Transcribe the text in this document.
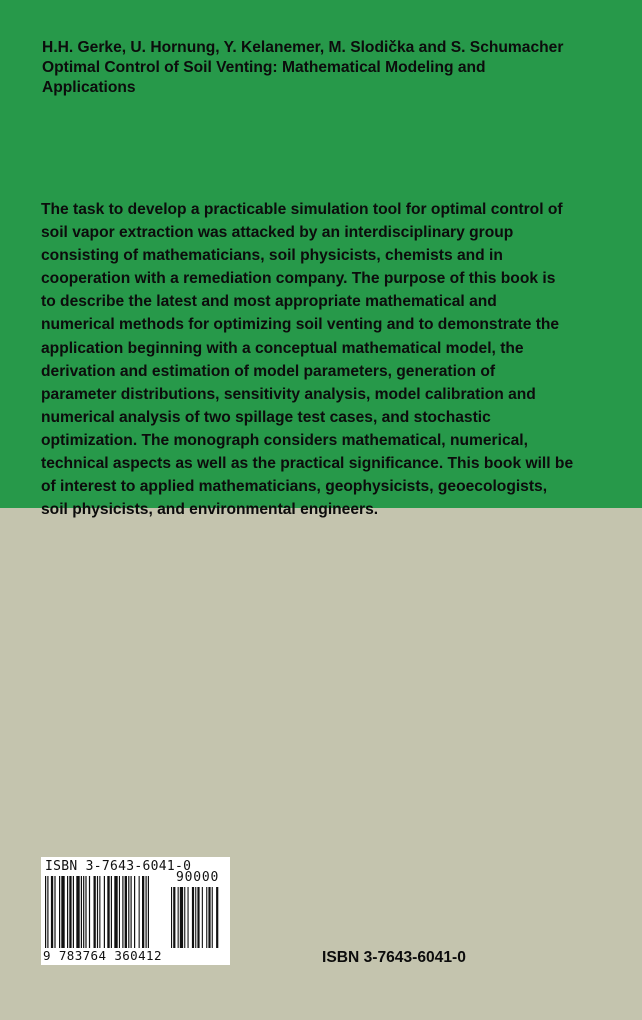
H.H. Gerke, U. Hornung, Y. Kelanemer, M. Slodička and S. Schumacher
Optimal Control of Soil Venting: Mathematical Modeling and
Applications
The task to develop a practicable simulation tool for optimal control of
soil vapor extraction was attacked by an interdisciplinary group
consisting of mathematicians, soil physicists, chemists and in
cooperation with a remediation company. The purpose of this book is
to describe the latest and most appropriate mathematical and
numerical methods for optimizing soil venting and to demonstrate the
application beginning with a conceptual mathematical model, the
derivation and estimation of model parameters, generation of
parameter distributions, sensitivity analysis, model calibration and
numerical analysis of two spillage test cases, and stochastic
optimization. The monograph considers mathematical, numerical,
technical aspects as well as the practical significance. This book will be
of interest to applied mathematicians, geophysicists, geoecologists,
soil physicists, and environmental engineers.
ISBN 3-7643-6041-0
90000
9 783764 360412	ISBN 3-7643-6041-0
